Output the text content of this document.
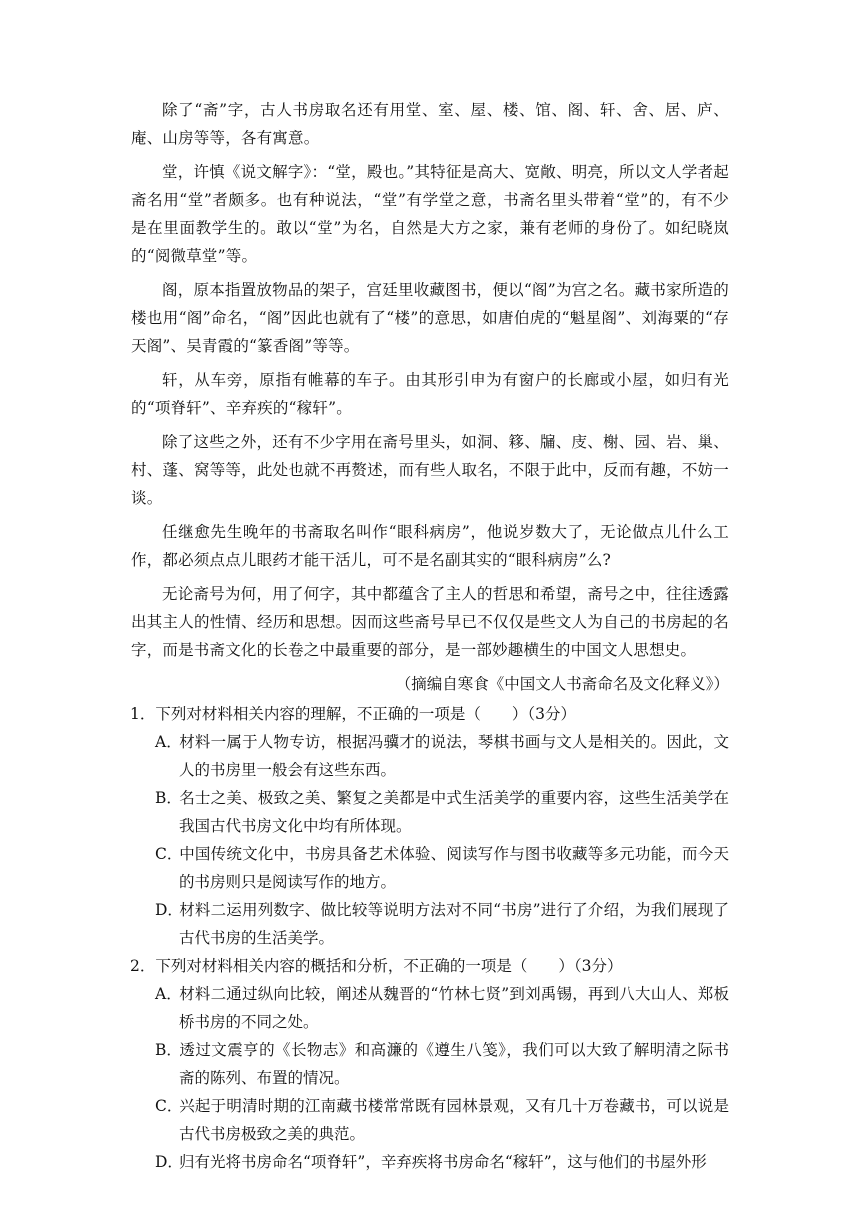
除了“斋”字，古人书房取名还有用堂、室、屋、楼、馆、阁、轩、舍、居、庐、庵、山房等等，各有寓意。

堂，许慎《说文解字》：“堂，殿也。”其特征是高大、宽敞、明亮，所以文人学者起斋名用“堂”者颇多。也有种说法，“堂”有学堂之意，书斋名里头带着“堂”的，有不少是在里面教学生的。敢以“堂”为名，自然是大方之家，兼有老师的身份了。如纪晓岚的“阅微草堂”等。

阁，原本指置放物品的架子，宫廷里收藏图书，便以“阁”为宫之名。藏书家所造的楼也用“阁”命名，“阁”因此也就有了“楼”的意思，如唐伯虎的“魁星阁”、刘海粟的“存天阁”、吴青霞的“篆香阁”等等。

轩，从车旁，原指有帷幕的车子。由其形引申为有窗户的长廊或小屋，如归有光的“项脊轩”、辛弃疾的“稼轩”。

除了这些之外，还有不少字用在斋号里头，如洞、簃、牖、庋、榭、园、岩、巢、村、蓬、窝等等，此处也就不再赘述，而有些人取名，不限于此中，反而有趣，不妨一谈。

任继愈先生晚年的书斋取名叫作“眼科病房”，他说岁数大了，无论做点儿什么工作，都必须点点儿眼药才能干活儿，可不是名副其实的“眼科病房”么?

无论斋号为何，用了何字，其中都蕴含了主人的哲思和希望，斋号之中，往往透露出其主人的性情、经历和思想。因而这些斋号早已不仅仅是些文人为自己的书房起的名字，而是书斋文化的长卷之中最重要的部分，是一部妙趣横生的中国文人思想史。

（摘编自寒食《中国文人书斋命名及文化释义》）

1．下列对材料相关内容的理解，不正确的一项是（　　）（3分）

A．材料一属于人物专访，根据冯骥才的说法，琴棋书画与文人是相关的。因此，文人的书房里一般会有这些东西。

B．名士之美、极致之美、繁复之美都是中式生活美学的重要内容，这些生活美学在我国古代书房文化中均有所体现。

C．中国传统文化中，书房具备艺术体验、阅读写作与图书收藏等多元功能，而今天的书房则只是阅读写作的地方。

D．材料二运用列数字、做比较等说明方法对不同“书房”进行了介绍，为我们展现了古代书房的生活美学。

2．下列对材料相关内容的概括和分析，不正确的一项是（　　）（3分）

A．材料二通过纵向比较，阐述从魏晋的“竹林七贤”到刘禹锡，再到八大山人、郑板桥书房的不同之处。

B．透过文震亨的《长物志》和高濂的《遵生八笺》，我们可以大致了解明清之际书斋的陈列、布置的情况。

C．兴起于明清时期的江南藏书楼常常既有园林景观，又有几十万卷藏书，可以说是古代书房极致之美的典范。

D．归有光将书房命名“项脊轩”，辛弃疾将书房命名“稼轩”，这与他们的书屋外形
